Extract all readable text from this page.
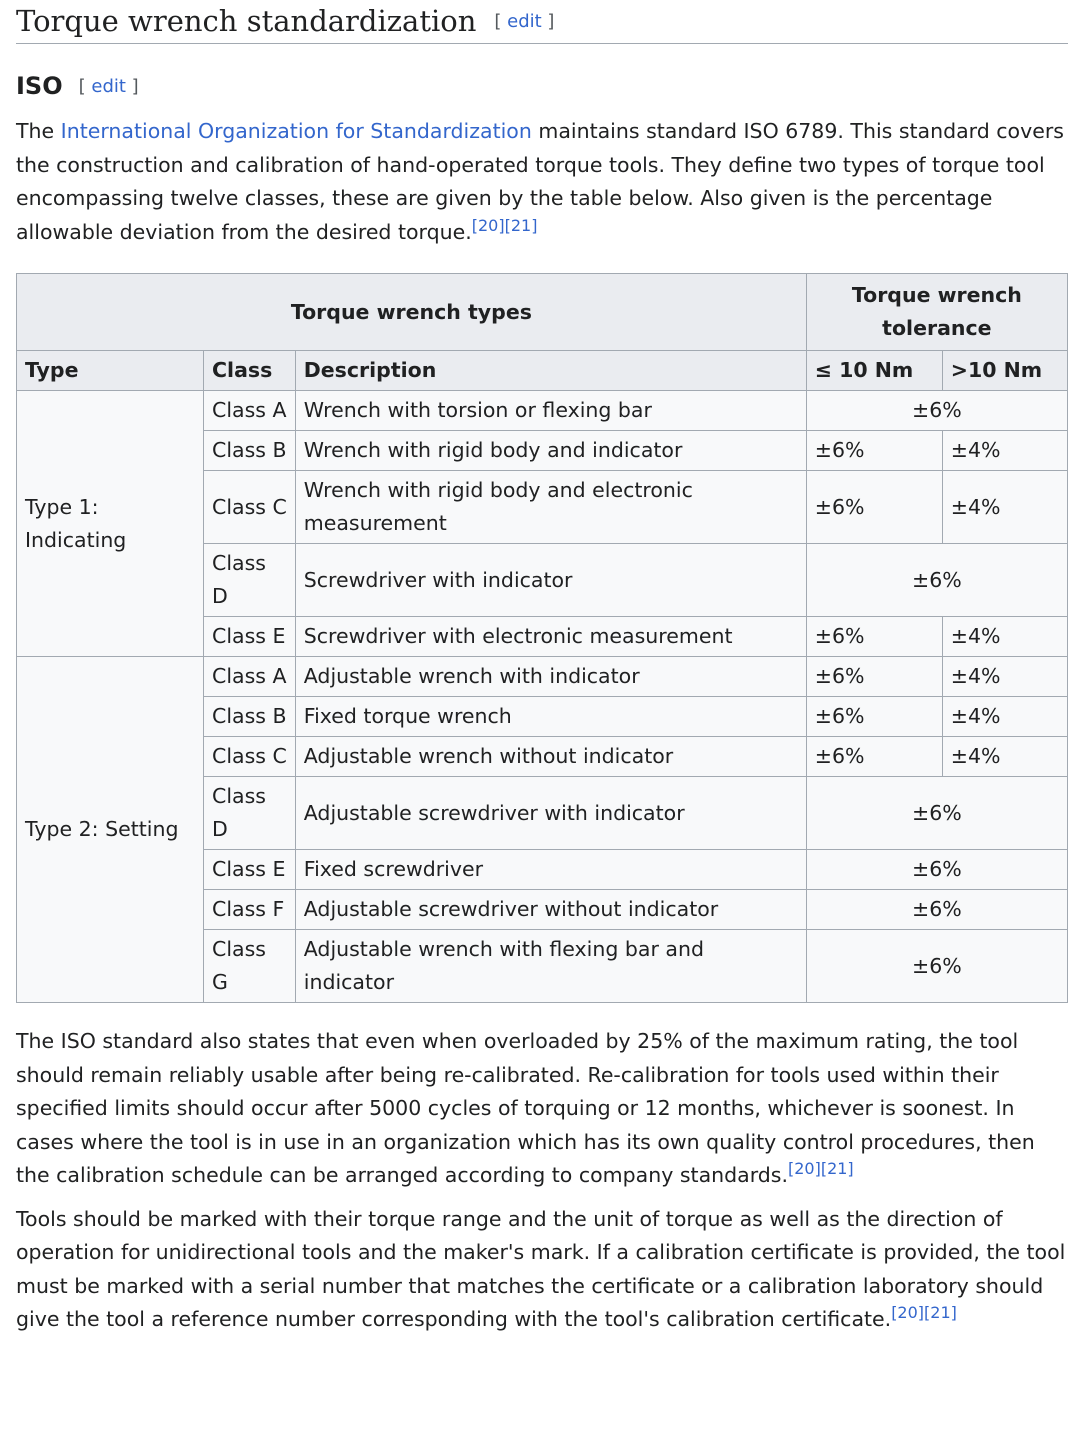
Torque wrench standardization [ edit ]
ISO [ edit ]

The International Organization for Standardization maintains standard ISO 6789. This standard covers the construction and calibration of hand-operated torque tools. They define two types of torque tool encompassing twelve classes, these are given by the table below. Also given is the percentage allowable deviation from the desired torque.[20][21]

Torque wrench types			Torque wrench tolerance	
Type	Class	Description	≤ 10 Nm	>10 Nm
Type 1: Indicating	Class A	Wrench with torsion or flexing bar	±6%	
	Class B	Wrench with rigid body and indicator	±6%	±4%
	Class C	Wrench with rigid body and electronic measurement	±6%	±4%
	Class D	Screwdriver with indicator	±6%	
	Class E	Screwdriver with electronic measurement	±6%	±4%
Type 2: Setting	Class A	Adjustable wrench with indicator	±6%	±4%
	Class B	Fixed torque wrench	±6%	±4%
	Class C	Adjustable wrench without indicator	±6%	±4%
	Class D	Adjustable screwdriver with indicator	±6%	
	Class E	Fixed screwdriver	±6%	
	Class F	Adjustable screwdriver without indicator	±6%	
	Class G	Adjustable wrench with flexing bar and indicator	±6%	

The ISO standard also states that even when overloaded by 25% of the maximum rating, the tool should remain reliably usable after being re-calibrated. Re-calibration for tools used within their specified limits should occur after 5000 cycles of torquing or 12 months, whichever is soonest. In cases where the tool is in use in an organization which has its own quality control procedures, then the calibration schedule can be arranged according to company standards.[20][21]

Tools should be marked with their torque range and the unit of torque as well as the direction of operation for unidirectional tools and the maker's mark. If a calibration certificate is provided, the tool must be marked with a serial number that matches the certificate or a calibration laboratory should give the tool a reference number corresponding with the tool's calibration certificate.[20][21]
